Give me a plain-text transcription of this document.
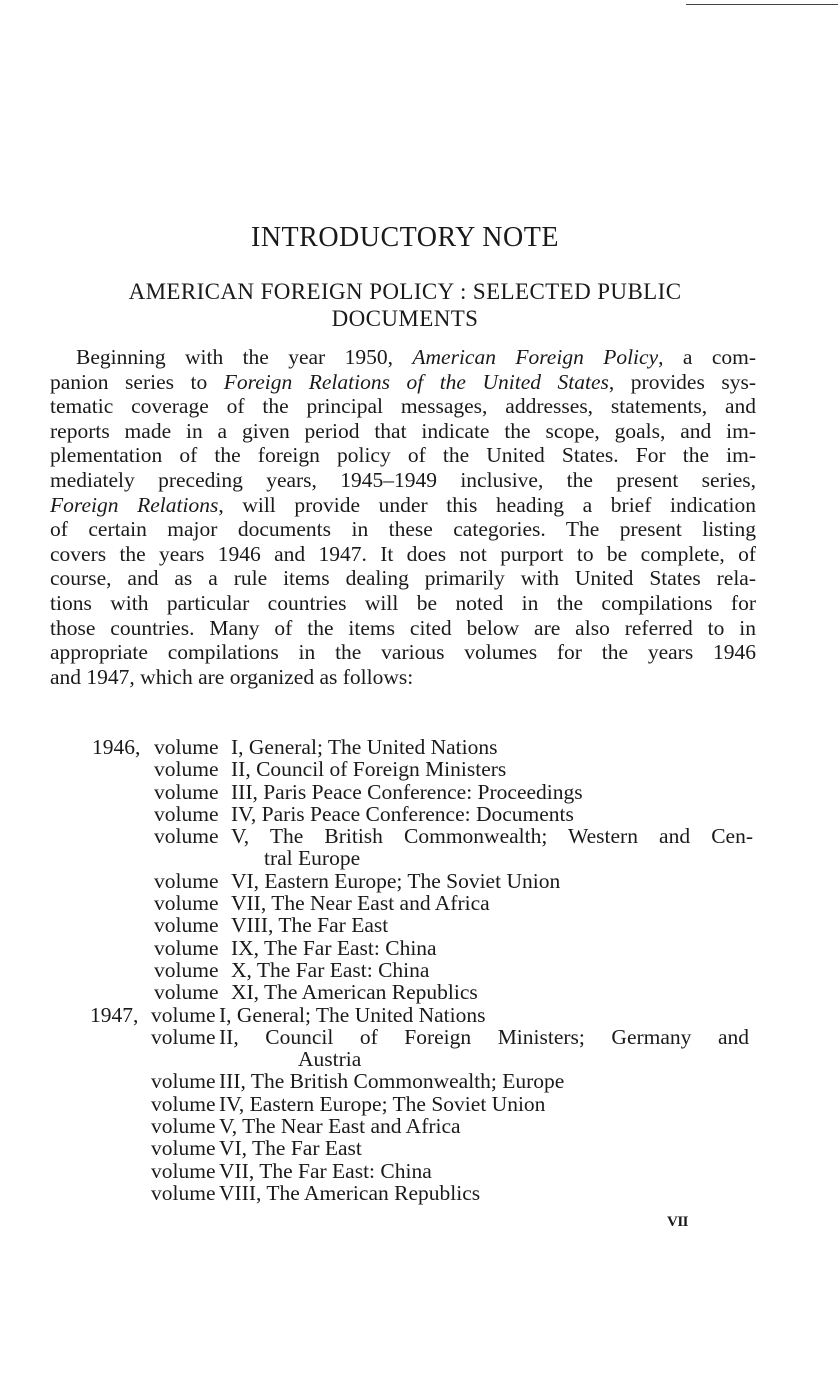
INTRODUCTORY NOTE
AMERICAN FOREIGN POLICY : SELECTED PUBLIC
DOCUMENTS
Beginning with the year 1950, American Foreign Policy, a com-
panion series to Foreign Relations of the United States, provides sys-
tematic coverage of the principal messages, addresses, statements, and
reports made in a given period that indicate the scope, goals, and im-
plementation of the foreign policy of the United States. For the im-
mediately preceding years, 1945–1949 inclusive, the present series,
Foreign Relations, will provide under this heading a brief indication
of certain major documents in these categories. The present listing
covers the years 1946 and 1947. It does not purport to be complete, of
course, and as a rule items dealing primarily with United States rela-
tions with particular countries will be noted in the compilations for
those countries. Many of the items cited below are also referred to in
appropriate compilations in the various volumes for the years 1946
and 1947, which are organized as follows:
1946, volume I, General; The United Nations
volume II, Council of Foreign Ministers
volume III, Paris Peace Conference: Proceedings
volume IV, Paris Peace Conference: Documents
volume V, The British Commonwealth; Western and Cen-
tral Europe
volume VI, Eastern Europe; The Soviet Union
volume VII, The Near East and Africa
volume VIII, The Far East
volume IX, The Far East: China
volume X, The Far East: China
volume XI, The American Republics
1947, volume I, General; The United Nations
volume II, Council of Foreign Ministers; Germany and
Austria
volume III, The British Commonwealth; Europe
volume IV, Eastern Europe; The Soviet Union
volume V, The Near East and Africa
volume VI, The Far East
volume VII, The Far East: China
volume VIII, The American Republics
VII
